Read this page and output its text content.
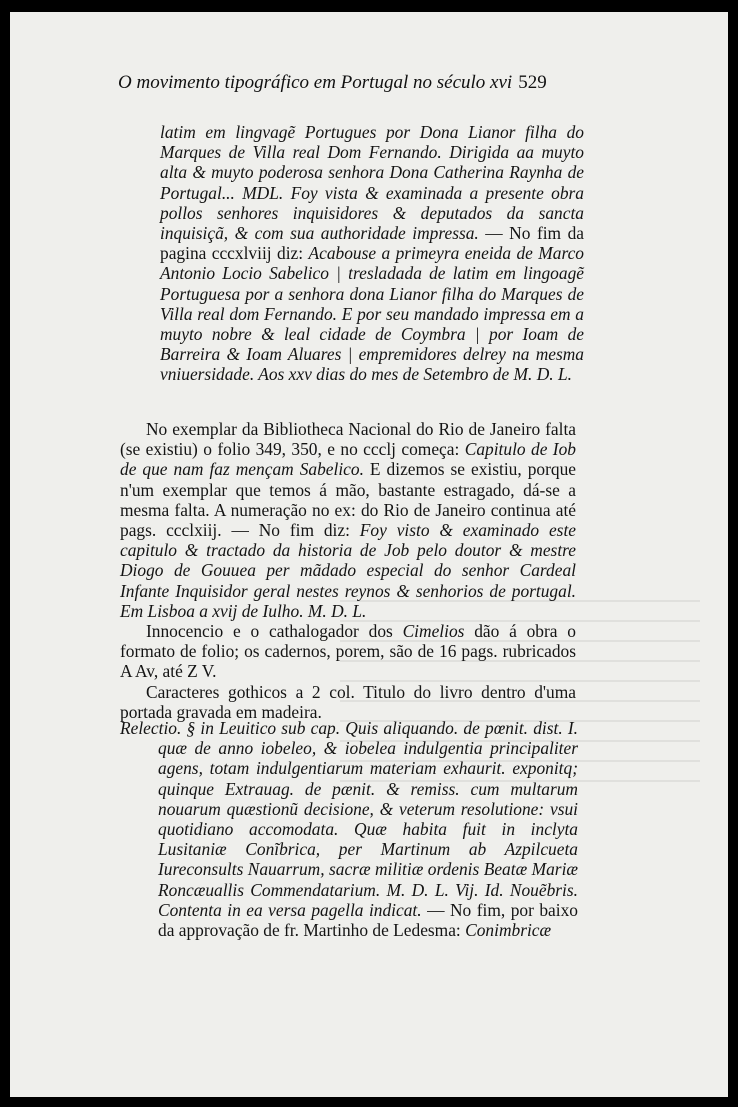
O movimento tipográfico em Portugal no século xvi 529

latim em lingvagẽ Portugues por Dona Lianor filha do Marques de Villa real Dom Fernando. Dirigida aa muyto alta & muyto poderosa senhora Dona Catherina Raynha de Portugal... MDL. Foy vista & examinada a presente obra pollos senhores inquisidores & deputados da sancta inquisiçã, & com sua authoridade impressa. — No fim da pagina cccxlviij diz: Acabouse a primeyra eneida de Marco Antonio Locio Sabelico | tresladada de latim em lingoagẽ Portuguesa por a senhora dona Lianor filha do Marques de Villa real dom Fernando. E por seu mandado impressa em a muyto nobre & leal cidade de Coymbra | por Ioam de Barreira & Ioam Aluares | empremidores delrey na mesma vniuersidade. Aos xxv dias do mes de Setembro de M. D. L.

No exemplar da Bibliotheca Nacional do Rio de Janeiro falta (se existiu) o folio 349, 350, e no ccclj começa: Capitulo de Iob de que nam faz mençam Sabelico. E dizemos se existiu, porque n'um exemplar que temos á mão, bastante estragado, dá-se a mesma falta. A numeração no ex: do Rio de Janeiro continua até pags. ccclxiij. — No fim diz: Foy visto & examinado este capitulo & tractado da historia de Job pelo doutor & mestre Diogo de Gouuea per mãdado especial do senhor Cardeal Infante Inquisidor geral nestes reynos & senhorios de portugal. Em Lisboa a xvij de Iulho. M. D. L.

Innocencio e o cathalogador dos Cimelios dão á obra o formato de folio; os cadernos, porem, são de 16 pags. rubricados A Av, até Z V.

Caracteres gothicos a 2 col. Titulo do livro dentro d'uma portada gravada em madeira.

Relectio. § in Leuitico sub cap. Quis aliquando. de pœnit. dist. I. quæ de anno iobeleo, & iobelea indulgentia principaliter agens, totam indulgentiarum materiam exhaurit. exponitq; quinque Extrauag. de pænit. & remiss. cum multarum nouarum quæstionũ decisione, & veterum resolutione: vsui quotidiano accomodata. Quæ habita fuit in inclyta Lusitaniæ Conĩbrica, per Martinum ab Azpilcueta Iureconsults Nauarrum, sacræ militiæ ordenis Beatæ Mariæ Roncæuallis Commendatarium. M. D. L. Vij. Id. Nouẽbris. Contenta in ea versa pagella indicat. — No fim, por baixo da approvação de fr. Martinho de Ledesma: Conimbricæ
